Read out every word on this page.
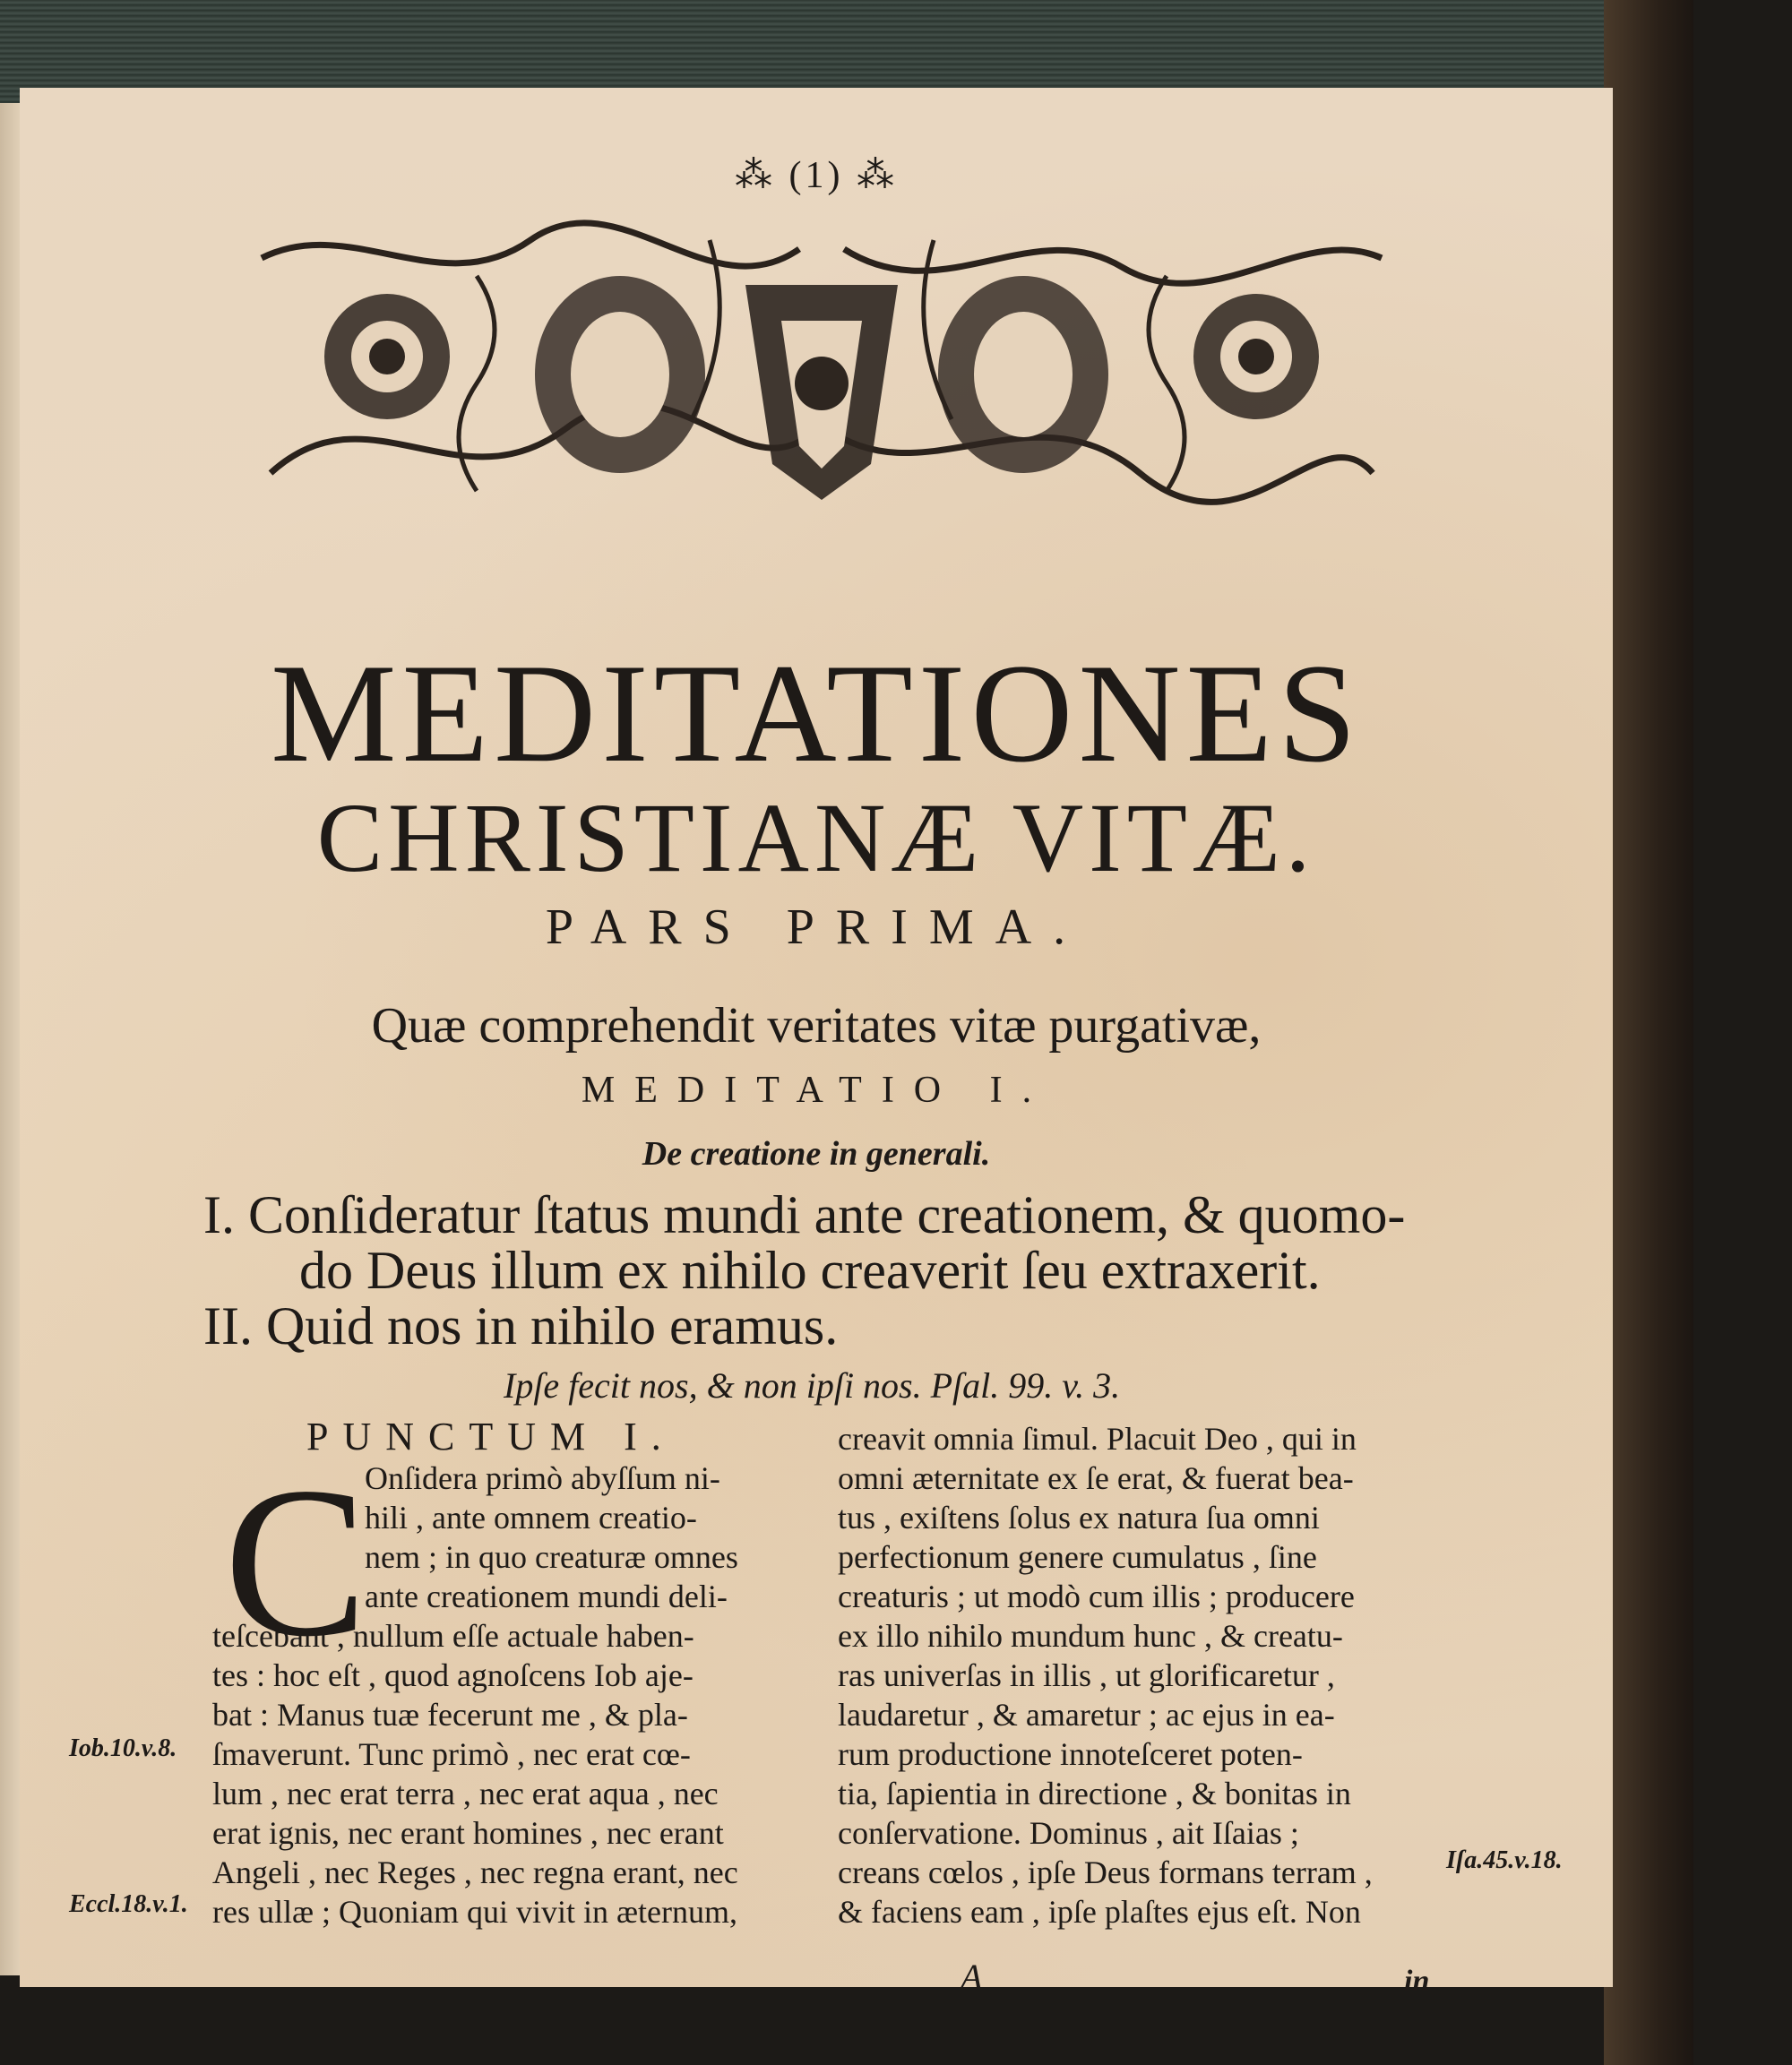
⁂ (1) ⁂
MEDITATIONES
CHRISTIANÆ VITÆ.
PARS PRIMA.
Quæ comprehendit veritates vitæ purgativæ,
MEDITATIO I.
De creatione in generali.
I. Conſideratur ſtatus mundi ante creationem, & quomo-
do Deus illum ex nihilo creaverit ſeu extraxerit.
II. Quid nos in nihilo eramus.
Ipſe fecit nos, & non ipſi nos. Pſal. 99. v. 3.
PUNCTUM I.
C
Onſidera primò abyſſum ni-
hili , ante omnem creatio-
nem ; in quo creaturæ omnes
ante creationem mundi deli-
teſcebant , nullum eſſe actuale haben-
tes : hoc eſt , quod agnoſcens Iob aje-
bat : Manus tuæ fecerunt me , & pla-
ſmaverunt. Tunc primò , nec erat cœ-
lum , nec erat terra , nec erat aqua , nec
erat ignis, nec erant homines , nec erant
Angeli , nec Reges , nec regna erant, nec
res ullæ ; Quoniam qui vivit in æternum,
creavit omnia ſimul. Placuit Deo , qui in
omni æternitate ex ſe erat, & fuerat bea-
tus , exiſtens ſolus ex natura ſua omni
perfectionum genere cumulatus , ſine
creaturis ; ut modò cum illis ; producere
ex illo nihilo mundum hunc , & creatu-
ras univerſas in illis , ut glorificaretur ,
laudaretur , & amaretur ; ac ejus in ea-
rum productione innoteſceret poten-
tia, ſapientia in directione , & bonitas in
conſervatione. Dominus , ait Iſaias ;
creans cœlos , ipſe Deus formans terram ,
& faciens eam , ipſe plaſtes ejus eſt. Non
Iob.10.v.8.
Eccl.18.v.1.
Iſa.45.v.18.
A	in
